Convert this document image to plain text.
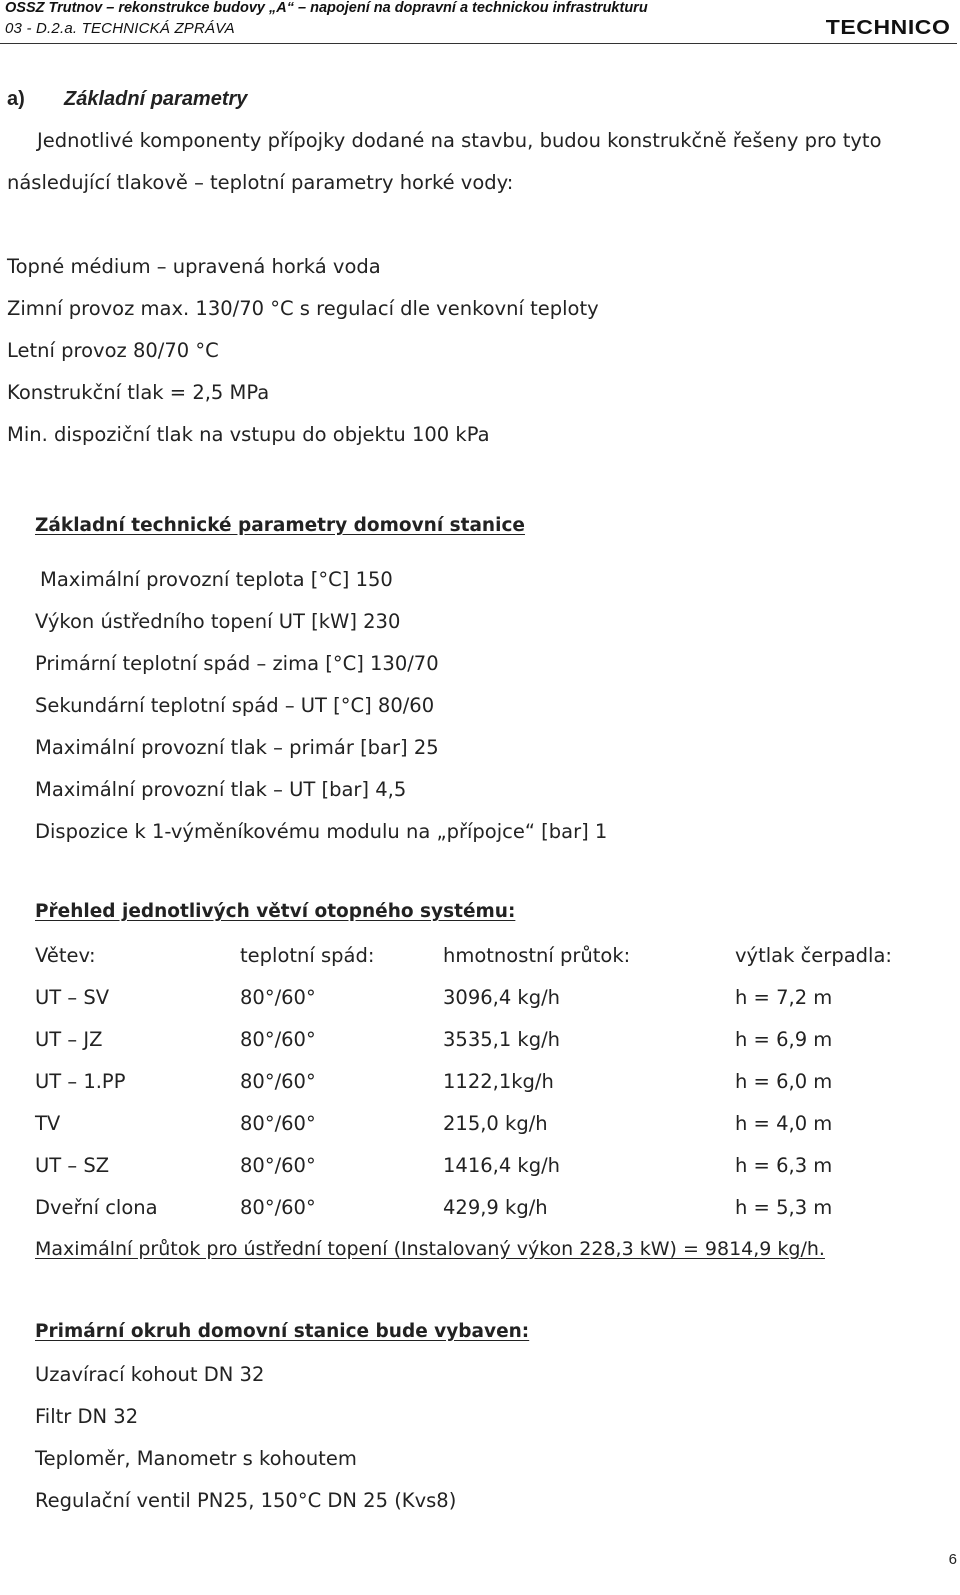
OSSZ Trutnov – rekonstrukce budovy „A“ – napojení na dopravní a technickou infrastrukturu
03 - D.2.a. TECHNICKÁ ZPRÁVA	TECHNICO
a) Základní parametry
Jednotlivé komponenty přípojky dodané na stavbu, budou konstrukčně řešeny pro tyto
následující tlakově – teplotní parametry horké vody:
Topné médium – upravená horká voda
Zimní provoz max. 130/70 °C s regulací dle venkovní teploty
Letní provoz 80/70 °C
Konstrukční tlak = 2,5 MPa
Min. dispoziční tlak na vstupu do objektu 100 kPa
Základní technické parametry domovní stanice
Maximální provozní teplota [°C] 150
Výkon ústředního topení UT [kW] 230
Primární teplotní spád – zima [°C] 130/70
Sekundární teplotní spád – UT [°C] 80/60
Maximální provozní tlak – primár [bar] 25
Maximální provozní tlak – UT [bar] 4,5
Dispozice k 1-výměníkovému modulu na „přípojce“ [bar] 1
Přehled jednotlivých větví otopného systému:
Větev:	teplotní spád:	hmotnostní průtok:	výtlak čerpadla:
UT – SV	80°/60°	3096,4 kg/h	h = 7,2 m
UT – JZ	80°/60°	3535,1 kg/h	h = 6,9 m
UT – 1.PP	80°/60°	1122,1kg/h	h = 6,0 m
TV	80°/60°	215,0 kg/h	h = 4,0 m
UT – SZ	80°/60°	1416,4 kg/h	h = 6,3 m
Dveřní clona	80°/60°	429,9 kg/h	h = 5,3 m
Maximální průtok pro ústřední topení (Instalovaný výkon 228,3 kW) = 9814,9 kg/h.
Primární okruh domovní stanice bude vybaven:
Uzavírací kohout DN 32
Filtr DN 32
Teploměr, Manometr s kohoutem
Regulační ventil PN25, 150°C DN 25 (Kvs8)
6
